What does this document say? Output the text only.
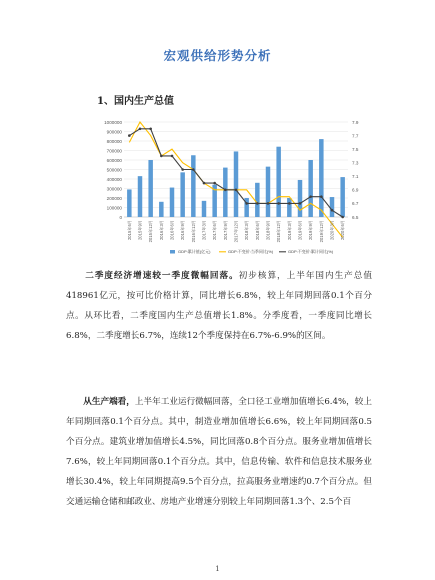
宏观供给形势分析
1、国内生产总值
0
100000
200000
300000
400000
500000
600000
700000
800000
900000
1000000
6.5
6.7
6.9
7.1
7.3
7.5
7.7
7.9
2015年6月 2015年9月 2015年12月 2016年3月 2016年6月 2016年9月 2016年12月 2017年3月 2017年6月 2017年9月 2017年12月 2018年3月 2018年6月 2018年9月 2018年12月 2019年3月 2019年6月 2019年9月 2019年12月 2020年3月 2020年6月
GDP:累计值(亿元)	GDP:不变价:当季同比(%)	GDP:不变价:累计同比(%)
　　二季度经济增速较一季度微幅回落。初步核算，上半年国内生产总值418961亿元，按可比价格计算，同比增长6.8%，较上年同期回落0.1个百分点。从环比看，二季度国内生产总值增长1.8%。分季度看，一季度同比增长6.8%，二季度增长6.7%，连续12个季度保持在6.7%-6.9%的区间。
　　从生产端看，上半年工业运行微幅回落，全口径工业增加值增长6.4%，较上年同期回落0.1个百分点。其中，制造业增加值增长6.6%，较上年同期回落0.5个百分点。建筑业增加值增长4.5%，同比回落0.8个百分点。服务业增加值增长7.6%，较上年同期回落0.1个百分点。其中，信息传输、软件和信息技术服务业增长30.4%，较上年同期提高9.5个百分点，拉高服务业增速约0.7个百分点。但交通运输仓储和邮政业、房地产业增速分别较上年同期回落1.3个、2.5个百
1
